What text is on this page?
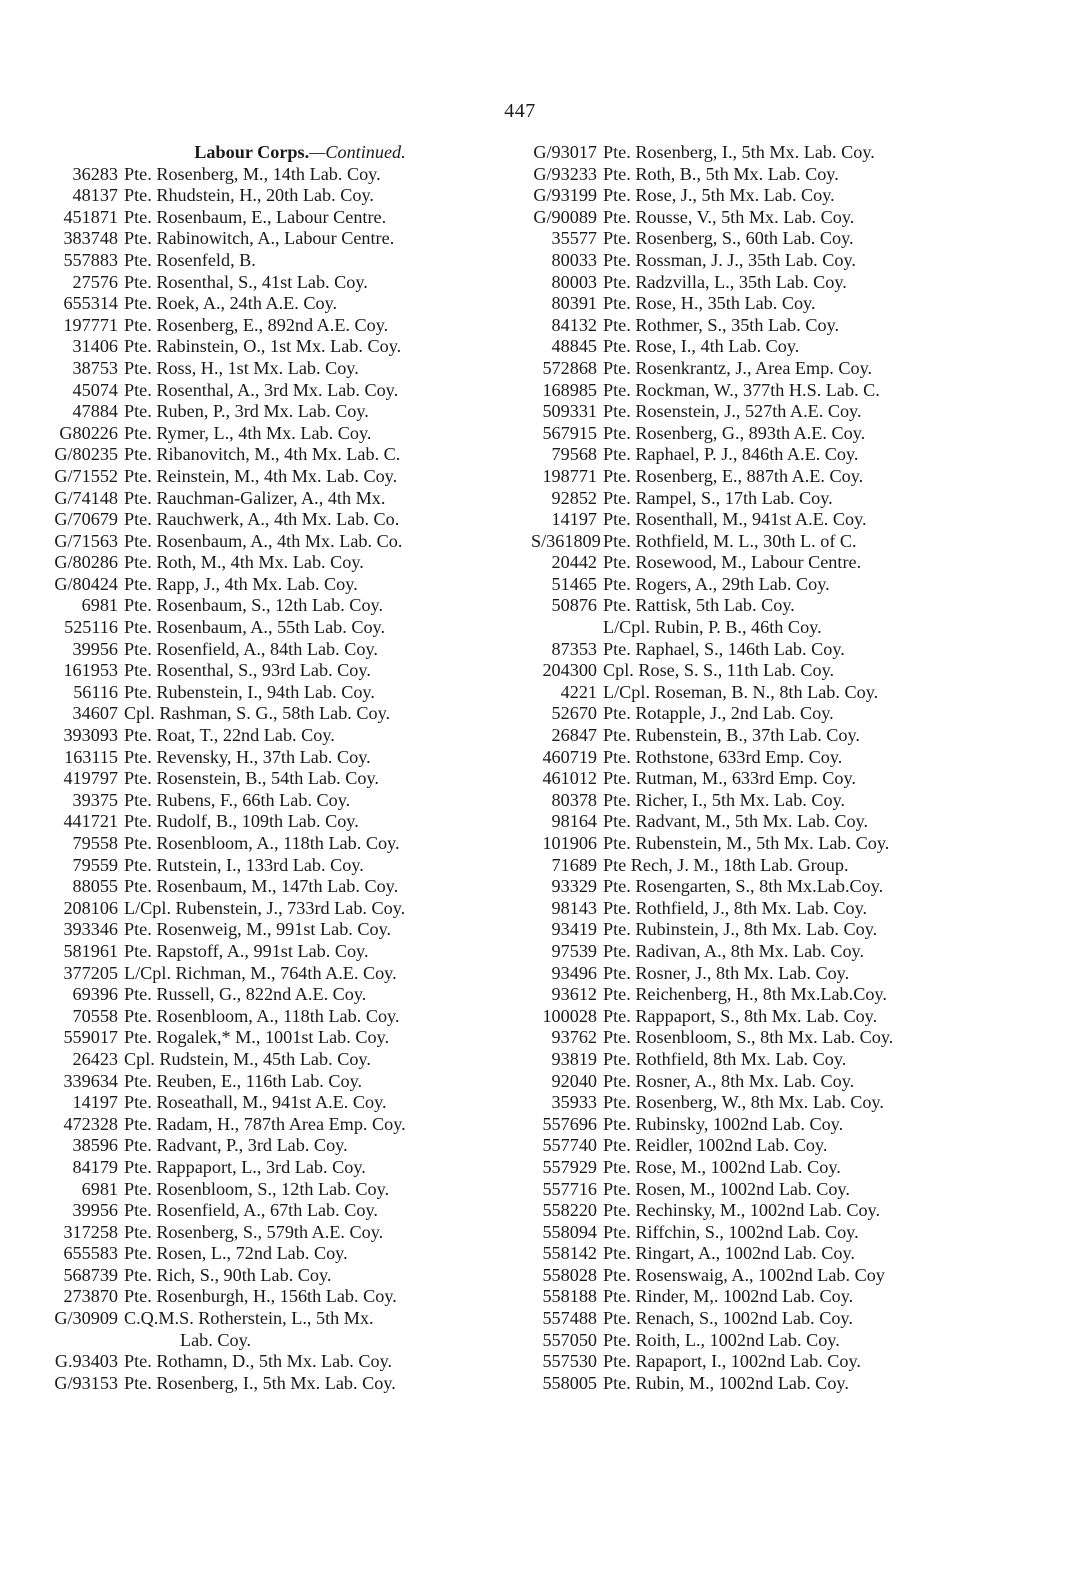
447
Labour Corps.—Continued.
36283 Pte. Rosenberg, M., 14th Lab. Coy.
48137 Pte. Rhudstein, H., 20th Lab. Coy.
451871 Pte. Rosenbaum, E., Labour Centre.
383748 Pte. Rabinowitch, A., Labour Centre.
557883 Pte. Rosenfeld, B.
27576 Pte. Rosenthal, S., 41st Lab. Coy.
655314 Pte. Roek, A., 24th A.E. Coy.
197771 Pte. Rosenberg, E., 892nd A.E. Coy.
31406 Pte. Rabinstein, O., 1st Mx. Lab. Coy.
38753 Pte. Ross, H., 1st Mx. Lab. Coy.
45074 Pte. Rosenthal, A., 3rd Mx. Lab. Coy.
47884 Pte. Ruben, P., 3rd Mx. Lab. Coy.
G80226 Pte. Rymer, L., 4th Mx. Lab. Coy.
G/80235 Pte. Ribanovitch, M., 4th Mx. Lab. C.
G/71552 Pte. Reinstein, M., 4th Mx. Lab. Coy.
G/74148 Pte. Rauchman-Galizer, A., 4th Mx.
G/70679 Pte. Rauchwerk, A., 4th Mx. Lab. Co.
G/71563 Pte. Rosenbaum, A., 4th Mx. Lab. Co.
G/80286 Pte. Roth, M., 4th Mx. Lab. Coy.
G/80424 Pte. Rapp, J., 4th Mx. Lab. Coy.
6981 Pte. Rosenbaum, S., 12th Lab. Coy.
525116 Pte. Rosenbaum, A., 55th Lab. Coy.
39956 Pte. Rosenfield, A., 84th Lab. Coy.
161953 Pte. Rosenthal, S., 93rd Lab. Coy.
56116 Pte. Rubenstein, I., 94th Lab. Coy.
34607 Cpl. Rashman, S. G., 58th Lab. Coy.
393093 Pte. Roat, T., 22nd Lab. Coy.
163115 Pte. Revensky, H., 37th Lab. Coy.
419797 Pte. Rosenstein, B., 54th Lab. Coy.
39375 Pte. Rubens, F., 66th Lab. Coy.
441721 Pte. Rudolf, B., 109th Lab. Coy.
79558 Pte. Rosenbloom, A., 118th Lab. Coy.
79559 Pte. Rutstein, I., 133rd Lab. Coy.
88055 Pte. Rosenbaum, M., 147th Lab. Coy.
208106 L/Cpl. Rubenstein, J., 733rd Lab. Coy.
393346 Pte. Rosenweig, M., 991st Lab. Coy.
581961 Pte. Rapstoff, A., 991st Lab. Coy.
377205 L/Cpl. Richman, M., 764th A.E. Coy.
69396 Pte. Russell, G., 822nd A.E. Coy.
70558 Pte. Rosenbloom, A., 118th Lab. Coy.
559017 Pte. Rogalek,* M., 1001st Lab. Coy.
26423 Cpl. Rudstein, M., 45th Lab. Coy.
339634 Pte. Reuben, E., 116th Lab. Coy.
14197 Pte. Roseathall, M., 941st A.E. Coy.
472328 Pte. Radam, H., 787th Area Emp. Coy.
38596 Pte. Radvant, P., 3rd Lab. Coy.
84179 Pte. Rappaport, L., 3rd Lab. Coy.
6981 Pte. Rosenbloom, S., 12th Lab. Coy.
39956 Pte. Rosenfield, A., 67th Lab. Coy.
317258 Pte. Rosenberg, S., 579th A.E. Coy.
655583 Pte. Rosen, L., 72nd Lab. Coy.
568739 Pte. Rich, S., 90th Lab. Coy.
273870 Pte. Rosenburgh, H., 156th Lab. Coy.
G/30909 C.Q.M.S. Rotherstein, L., 5th Mx.
Lab. Coy.
G.93403 Pte. Rothamn, D., 5th Mx. Lab. Coy.
G/93153 Pte. Rosenberg, I., 5th Mx. Lab. Coy.
G/93017 Pte. Rosenberg, I., 5th Mx. Lab. Coy.
G/93233 Pte. Roth, B., 5th Mx. Lab. Coy.
G/93199 Pte. Rose, J., 5th Mx. Lab. Coy.
G/90089 Pte. Rousse, V., 5th Mx. Lab. Coy.
35577 Pte. Rosenberg, S., 60th Lab. Coy.
80033 Pte. Rossman, J. J., 35th Lab. Coy.
80003 Pte. Radzvilla, L., 35th Lab. Coy.
80391 Pte. Rose, H., 35th Lab. Coy.
84132 Pte. Rothmer, S., 35th Lab. Coy.
48845 Pte. Rose, I., 4th Lab. Coy.
572868 Pte. Rosenkrantz, J., Area Emp. Coy.
168985 Pte. Rockman, W., 377th H.S. Lab. C.
509331 Pte. Rosenstein, J., 527th A.E. Coy.
567915 Pte. Rosenberg, G., 893th A.E. Coy.
79568 Pte. Raphael, P. J., 846th A.E. Coy.
198771 Pte. Rosenberg, E., 887th A.E. Coy.
92852 Pte. Rampel, S., 17th Lab. Coy.
14197 Pte. Rosenthall, M., 941st A.E. Coy.
S/361809 Pte. Rothfield, M. L., 30th L. of C.
20442 Pte. Rosewood, M., Labour Centre.
51465 Pte. Rogers, A., 29th Lab. Coy.
50876 Pte. Rattisk, 5th Lab. Coy.
L/Cpl. Rubin, P. B., 46th Coy.
87353 Pte. Raphael, S., 146th Lab. Coy.
204300 Cpl. Rose, S. S., 11th Lab. Coy.
4221 L/Cpl. Roseman, B. N., 8th Lab. Coy.
52670 Pte. Rotapple, J., 2nd Lab. Coy.
26847 Pte. Rubenstein, B., 37th Lab. Coy.
460719 Pte. Rothstone, 633rd Emp. Coy.
461012 Pte. Rutman, M., 633rd Emp. Coy.
80378 Pte. Richer, I., 5th Mx. Lab. Coy.
98164 Pte. Radvant, M., 5th Mx. Lab. Coy.
101906 Pte. Rubenstein, M., 5th Mx. Lab. Coy.
71689 Pte Rech, J. M., 18th Lab. Group.
93329 Pte. Rosengarten, S., 8th Mx.Lab.Coy.
98143 Pte. Rothfield, J., 8th Mx. Lab. Coy.
93419 Pte. Rubinstein, J., 8th Mx. Lab. Coy.
97539 Pte. Radivan, A., 8th Mx. Lab. Coy.
93496 Pte. Rosner, J., 8th Mx. Lab. Coy.
93612 Pte. Reichenberg, H., 8th Mx.Lab.Coy.
100028 Pte. Rappaport, S., 8th Mx. Lab. Coy.
93762 Pte. Rosenbloom, S., 8th Mx. Lab. Coy.
93819 Pte. Rothfield, 8th Mx. Lab. Coy.
92040 Pte. Rosner, A., 8th Mx. Lab. Coy.
35933 Pte. Rosenberg, W., 8th Mx. Lab. Coy.
557696 Pte. Rubinsky, 1002nd Lab. Coy.
557740 Pte. Reidler, 1002nd Lab. Coy.
557929 Pte. Rose, M., 1002nd Lab. Coy.
557716 Pte. Rosen, M., 1002nd Lab. Coy.
558220 Pte. Rechinsky, M., 1002nd Lab. Coy.
558094 Pte. Riffchin, S., 1002nd Lab. Coy.
558142 Pte. Ringart, A., 1002nd Lab. Coy.
558028 Pte. Rosenswaig, A., 1002nd Lab. Coy
558188 Pte. Rinder, M,. 1002nd Lab. Coy.
557488 Pte. Renach, S., 1002nd Lab. Coy.
557050 Pte. Roith, L., 1002nd Lab. Coy.
557530 Pte. Rapaport, I., 1002nd Lab. Coy.
558005 Pte. Rubin, M., 1002nd Lab. Coy.
